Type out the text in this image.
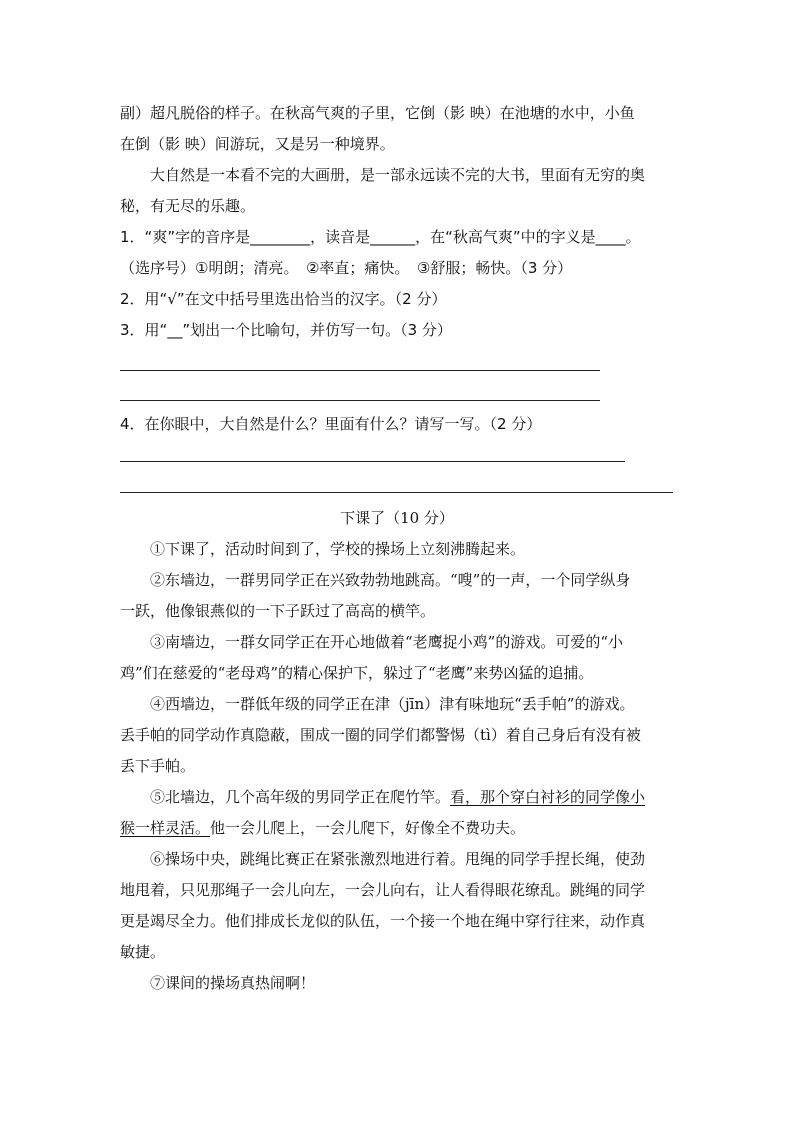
副）超凡脱俗的样子。在秋高气爽的子里，它倒（影 映）在池塘的水中，小鱼
在倒（影 映）间游玩，又是另一种境界。
大自然是一本看不完的大画册，是一部永远读不完的大书，里面有无穷的奥
秘，有无尽的乐趣。
1．“爽”字的音序是________，读音是______，在“秋高气爽”中的字义是____。
（选序号）①明朗；清亮。　②率直；痛快。　③舒服；畅快。（3 分）
2．用“√”在文中括号里选出恰当的汉字。（2 分）
3．用“__”划出一个比喻句，并仿写一句。（3 分）
4．在你眼中，大自然是什么？里面有什么？请写一写。（2 分）
下课了（10 分）
①下课了，活动时间到了，学校的操场上立刻沸腾起来。
②东墙边，一群男同学正在兴致勃勃地跳高。“嗖”的一声，一个同学纵身
一跃，他像银燕似的一下子跃过了高高的横竿。
③南墙边，一群女同学正在开心地做着“老鹰捉小鸡”的游戏。可爱的“小
鸡”们在慈爱的“老母鸡”的精心保护下，躲过了“老鹰”来势凶猛的追捕。
④西墙边，一群低年级的同学正在津（jīn）津有味地玩“丢手帕”的游戏。
丢手帕的同学动作真隐蔽，围成一圈的同学们都警惕（tì）着自己身后有没有被
丢下手帕。
⑤北墙边，几个高年级的男同学正在爬竹竿。看，那个穿白衬衫的同学像小
猴一样灵活。他一会儿爬上，一会儿爬下，好像全不费功夫。
⑥操场中央，跳绳比赛正在紧张激烈地进行着。甩绳的同学手捏长绳，使劲
地甩着，只见那绳子一会儿向左，一会儿向右，让人看得眼花缭乱。跳绳的同学
更是竭尽全力。他们排成长龙似的队伍，一个接一个地在绳中穿行往来，动作真
敏捷。
⑦课间的操场真热闹啊！
